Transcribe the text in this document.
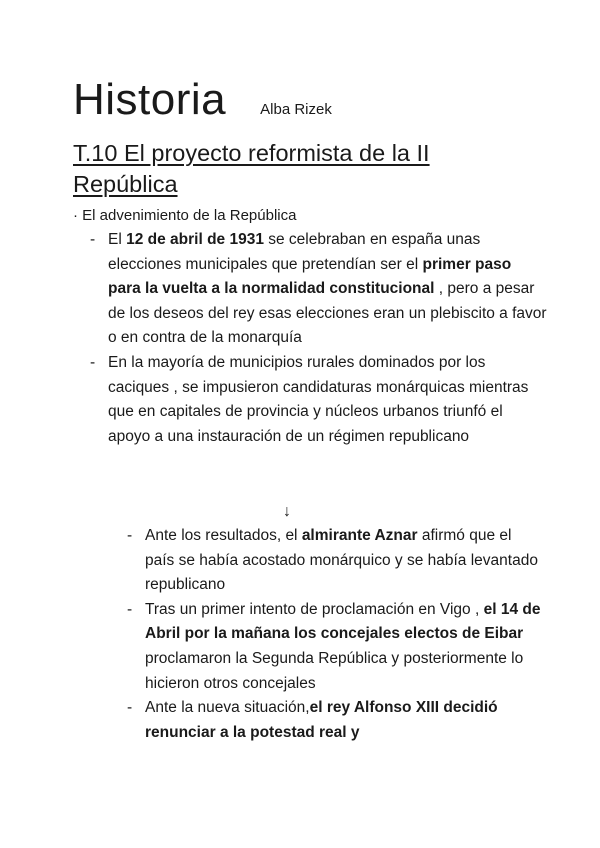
Historia Alba Rizek
T.10 El proyecto reformista de la II
República
· El advenimiento de la República
- El 12 de abril de 1931 se celebraban en españa unas elecciones municipales que pretendían ser el primer paso para la vuelta a la normalidad constitucional , pero a pesar de los deseos del rey esas elecciones eran un plebiscito a favor o en contra de la monarquía
- En la mayoría de municipios rurales dominados por los caciques , se impusieron candidaturas monárquicas mientras que en capitales de provincia y núcleos urbanos triunfó el apoyo a una instauración de un régimen republicano
↓
- Ante los resultados, el almirante Aznar afirmó que el país se había acostado monárquico y se había levantado republicano
- Tras un primer intento de proclamación en Vigo , el 14 de Abril por la mañana los concejales electos de Eibar proclamaron la Segunda República y posteriormente lo hicieron otros concejales
- Ante la nueva situación,el rey Alfonso XIII decidió renunciar a la potestad real y
